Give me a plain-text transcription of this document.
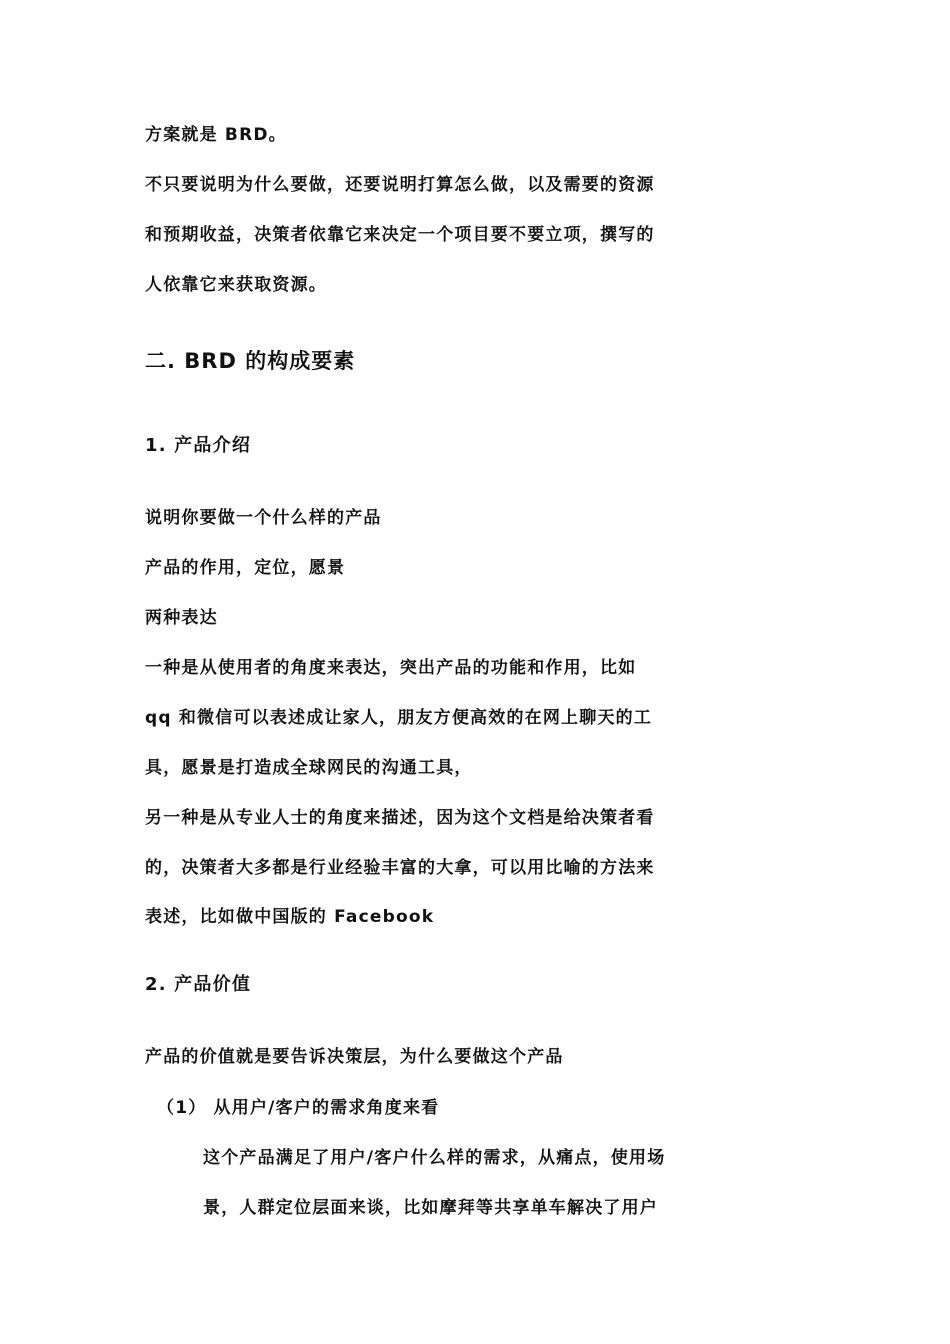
方案就是 BRD。
不只要说明为什么要做，还要说明打算怎么做，以及需要的资源
和预期收益，决策者依靠它来决定一个项目要不要立项，撰写的
人依靠它来获取资源。
二. BRD 的构成要素
1. 产品介绍
说明你要做一个什么样的产品
产品的作用，定位，愿景
两种表达
一种是从使用者的角度来表达，突出产品的功能和作用，比如
qq 和微信可以表述成让家人，朋友方便高效的在网上聊天的工
具，愿景是打造成全球网民的沟通工具，
另一种是从专业人士的角度来描述，因为这个文档是给决策者看
的，决策者大多都是行业经验丰富的大拿，可以用比喻的方法来
表述，比如做中国版的 Facebook
2. 产品价值
产品的价值就是要告诉决策层，为什么要做这个产品
（1） 从用户/客户的需求角度来看
这个产品满足了用户/客户什么样的需求，从痛点，使用场
景，人群定位层面来谈，比如摩拜等共享单车解决了用户
